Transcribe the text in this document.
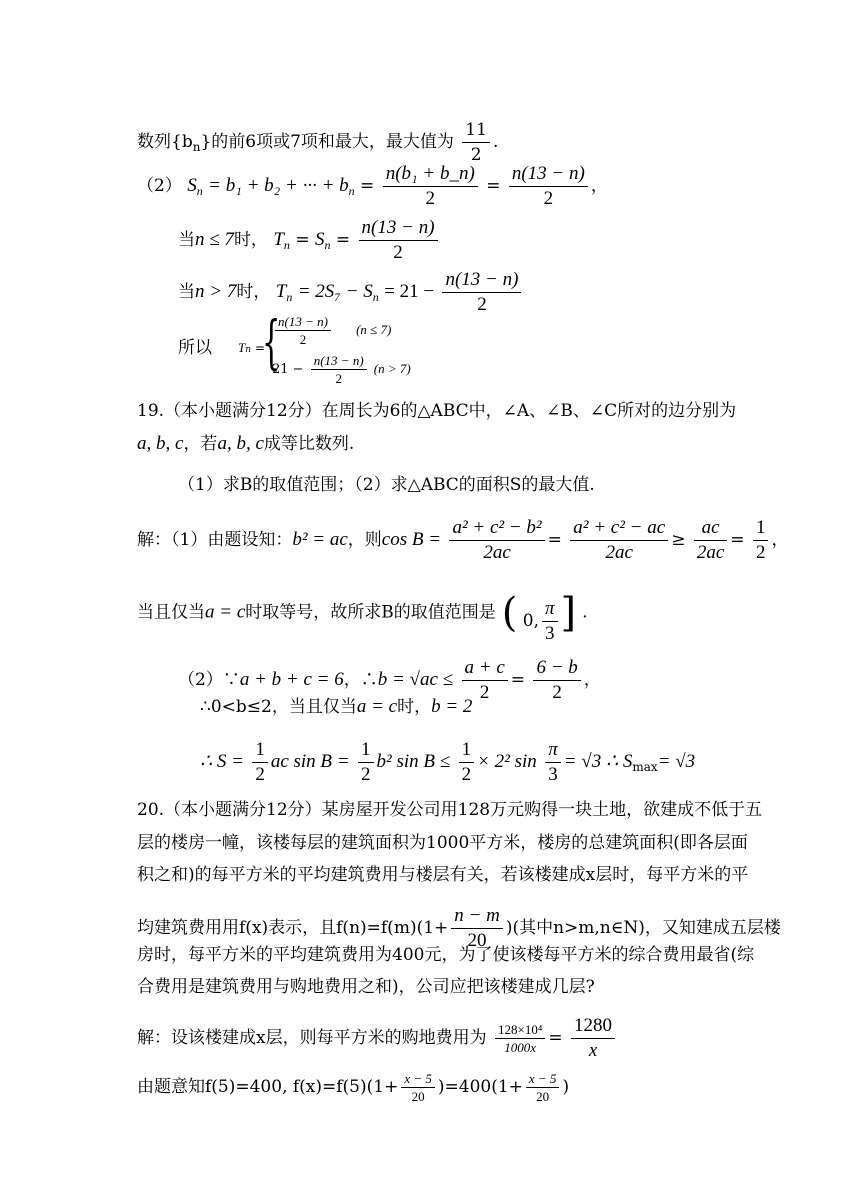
数列$\{b_n\}$的前6项或7项和最大，最大值为 $\frac{11}{2}$ .
（2） $S_n = b_1 + b_2$ + ··· + $b_n = \frac{\text{n(b₁ + b\_n)}}{2} = \frac{n(13 - n)}{2}$ ，
当n ≤ 7时， $T_n = S_n = \frac{n(13 - n)}{2}$
当n > 7时， $T_n = 2S_7 - S_n = 21 - \frac{n(13 - n)}{2}$
所以 Tn =
{
$\frac{n(13 - n)}{2} (n \le 7)$
$21 - \frac{n(13 - n)}{2} (n > 7)$
19.（本小题满分12分）在周长为6的△ABC中，∠A、∠B、∠C所对的边分别为
a, b, c，若a, b, c成等比数列.
（1）求B的取值范围；（2）求△ABC的面积S的最大值.
解：（1）由题设知：b² = ac，则$\cos B = \frac{\text{a² + c² − b²}}{2ac} = \frac{\text{a² + c² − ac}}{2ac} \ge \frac{ac}{2ac} = \frac{1}{2}$ ，
当且仅当a = c时取等号，故所求B的取值范围是 ( 0, $\frac{\pi}{3}$ ] .
（2）∵a + b + c = 6，∴b = $√ac \le \frac{a + c}{2} = \frac{6 - b}{2}$ ，
∴0<b≤2，当且仅当a = c时，b = 2
∴ $S = \frac{1}{2}$ ac $\sin B = \frac{1}{2} b^2$ $\sin B \le \frac{1}{2} \times 2^2$ $\sin \frac{\pi}{3} = √3$ ∴ $S_{max}= √3$
20.（本小题满分12分）某房屋开发公司用128万元购得一块土地，欲建成不低于五
层的楼房一幢，该楼每层的建筑面积为1000平方米，楼房的总建筑面积(即各层面
积之和)的每平方米的平均建筑费用与楼层有关，若该楼建成x层时，每平方米的平
均建筑费用用f(x)表示，且$f(n)=f(m)(1+ \frac{n - m}{20}$ )(其中n>m,n∈N)，又知建成五层楼
房时，每平方米的平均建筑费用为400元，为了使该楼每平方米的综合费用最省(综
合费用是建筑费用与购地费用之和)，公司应把该楼建成几层?
解：设该楼建成x层，则每平方米的购地费用为 $\frac{\text{128×10⁴}}{1000x} = \frac{1280}{x}$
由题意知f(5)=400, $f(x)=f(5)(1+ \frac{x - 5}{20} )=400(1+ \frac{x - 5}{20}$ )
